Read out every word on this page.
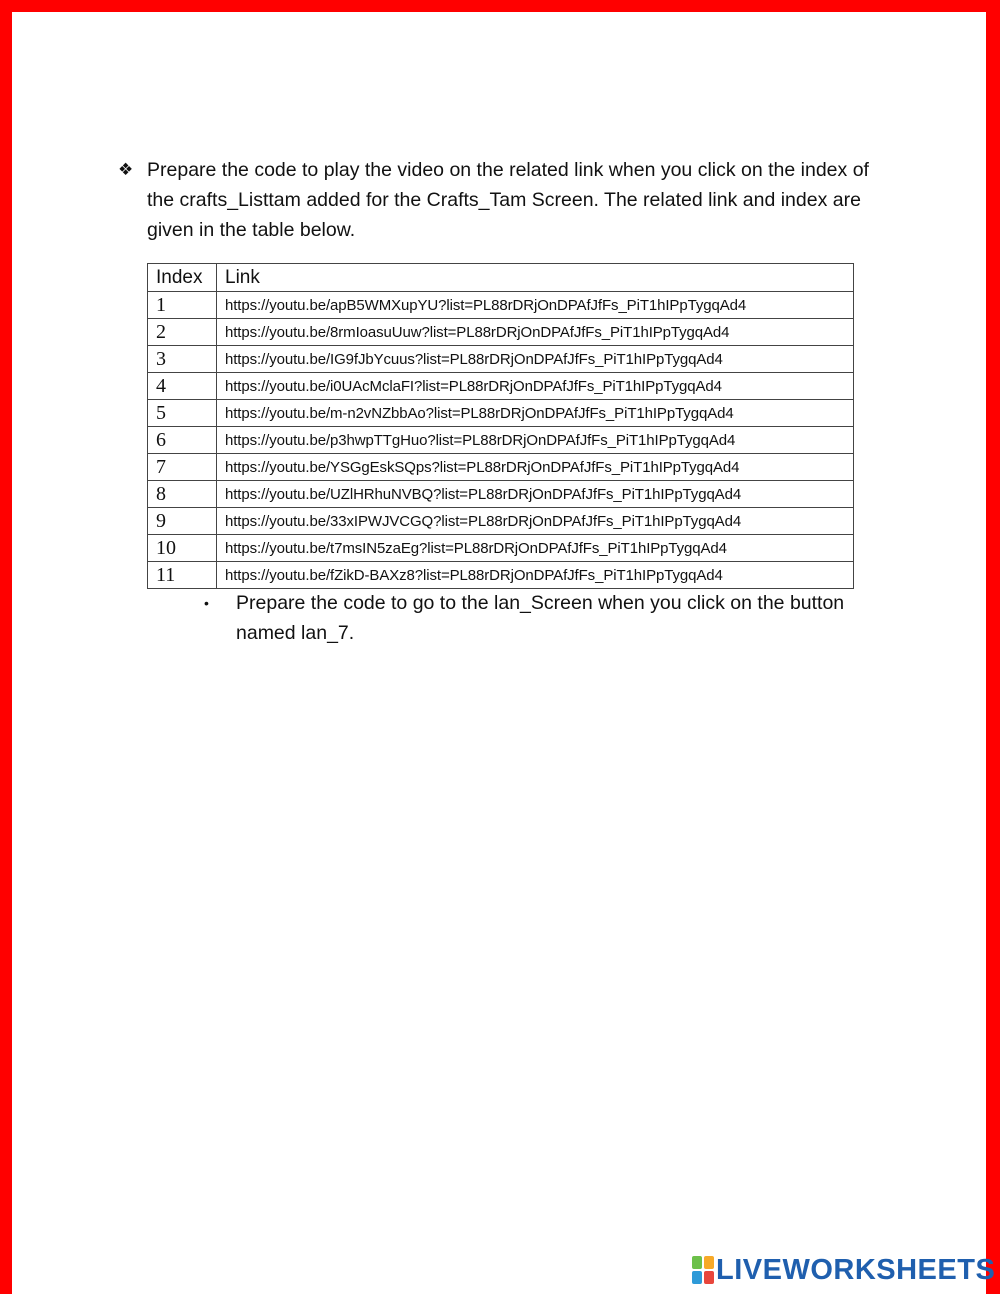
❖ Prepare the code to play the video on the related link when you click on the index of the crafts_Listtam added for the Crafts_Tam Screen. The related link and index are given in the table below.
Index	Link
1	https://youtu.be/apB5WMXupYU?list=PL88rDRjOnDPAfJfFs_PiT1hIPpTygqAd4
2	https://youtu.be/8rmIoasuUuw?list=PL88rDRjOnDPAfJfFs_PiT1hIPpTygqAd4
3	https://youtu.be/IG9fJbYcuus?list=PL88rDRjOnDPAfJfFs_PiT1hIPpTygqAd4
4	https://youtu.be/i0UAcMclaFI?list=PL88rDRjOnDPAfJfFs_PiT1hIPpTygqAd4
5	https://youtu.be/m-n2vNZbbAo?list=PL88rDRjOnDPAfJfFs_PiT1hIPpTygqAd4
6	https://youtu.be/p3hwpTTgHuo?list=PL88rDRjOnDPAfJfFs_PiT1hIPpTygqAd4
7	https://youtu.be/YSGgEskSQps?list=PL88rDRjOnDPAfJfFs_PiT1hIPpTygqAd4
8	https://youtu.be/UZlHRhuNVBQ?list=PL88rDRjOnDPAfJfFs_PiT1hIPpTygqAd4
9	https://youtu.be/33xIPWJVCGQ?list=PL88rDRjOnDPAfJfFs_PiT1hIPpTygqAd4
10	https://youtu.be/t7msIN5zaEg?list=PL88rDRjOnDPAfJfFs_PiT1hIPpTygqAd4
11	https://youtu.be/fZikD-BAXz8?list=PL88rDRjOnDPAfJfFs_PiT1hIPpTygqAd4
•	Prepare the code to go to the lan_Screen when you click on the button named lan_7.
LIVEWORKSHEETS
